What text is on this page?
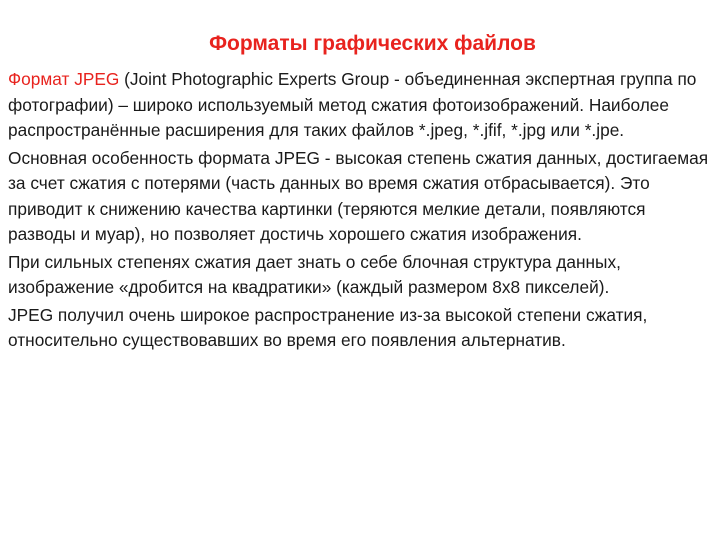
Форматы графических файлов

Формат JPEG (Joint Photographic Experts Group - объединенная экспертная группа по фотографии) – широко используемый метод сжатия фотоизображений. Наиболее распространённые расширения для таких файлов *.jpeg, *.jfif, *.jpg или *.jpe.

Основная особенность формата JPEG - высокая степень сжатия данных, достигаемая за счет сжатия с потерями (часть данных во время сжатия отбрасывается). Это приводит к снижению качества картинки (теряются мелкие детали, появляются разводы и муар), но позволяет достичь хорошего сжатия изображения.

При сильных степенях сжатия дает знать о себе блочная структура данных, изображение «дробится на квадратики» (каждый размером 8х8 пикселей).

JPEG получил очень широкое распространение из-за высокой степени сжатия, относительно существовавших во время его появления альтернатив.
